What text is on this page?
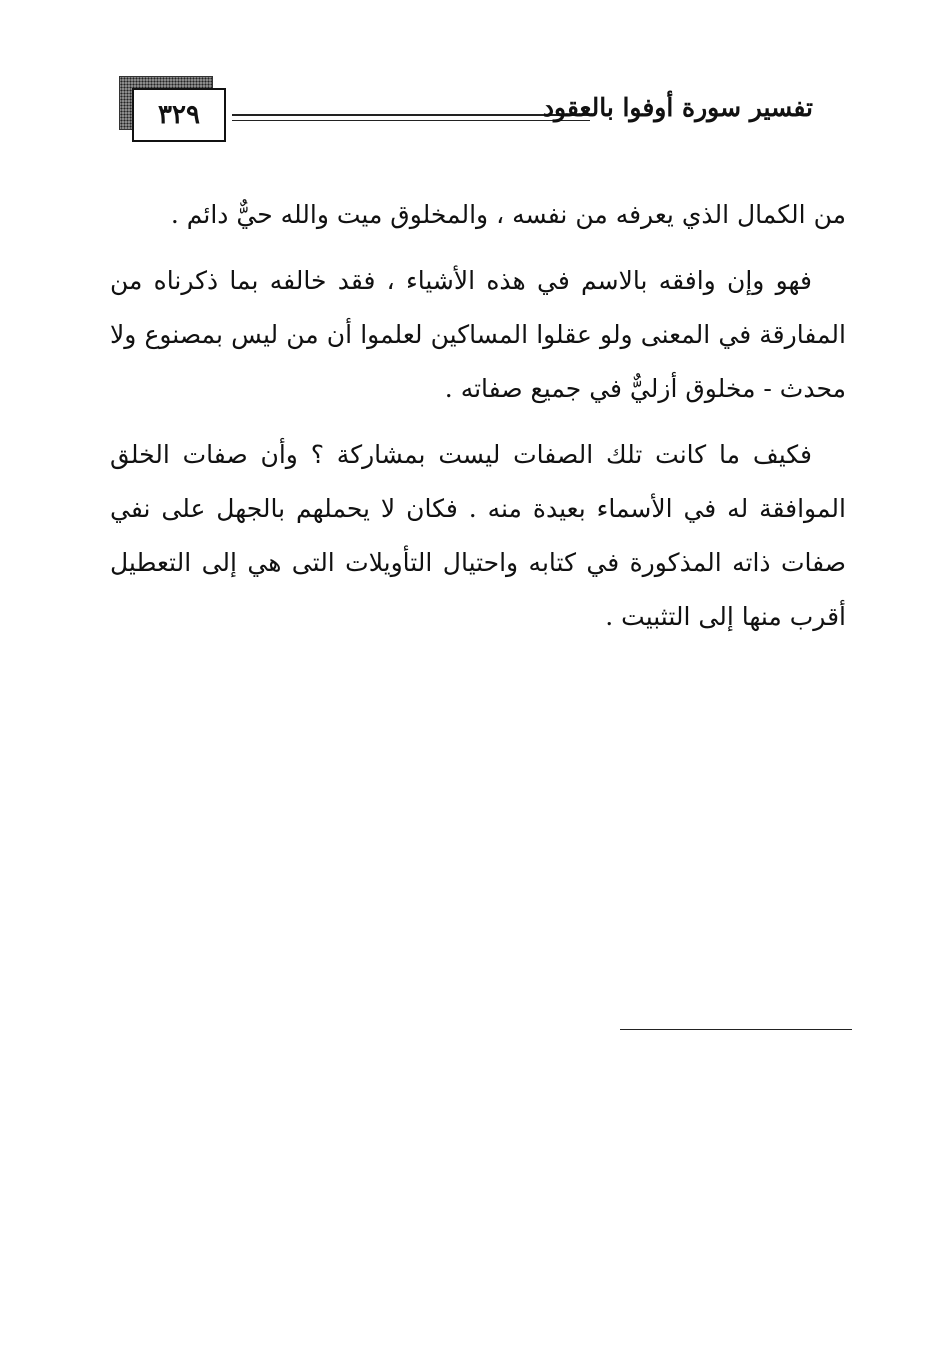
٣٢٩	تفسير سورة أوفوا بالعقود

من الكمال الذي يعرفه من نفسه ، والمخلوق ميت والله حيٌّ دائم .

فهو وإن وافقه بالاسم في هذه الأشياء ، فقد خالفه بما ذكرناه من المفارقة في المعنى ولو عقلوا المساكين لعلموا أن من ليس بمصنوع ولا محدث - مخلوق أزليٌّ في جميع صفاته .

فكيف ما كانت تلك الصفات ليست بمشاركة ؟ وأن صفات الخلق الموافقة له في الأسماء بعيدة منه . فكان لا يحملهم بالجهل على نفي صفات ذاته المذكورة في كتابه واحتيال التأويلات التى هي إلى التعطيل أقرب منها إلى التثبيت .
